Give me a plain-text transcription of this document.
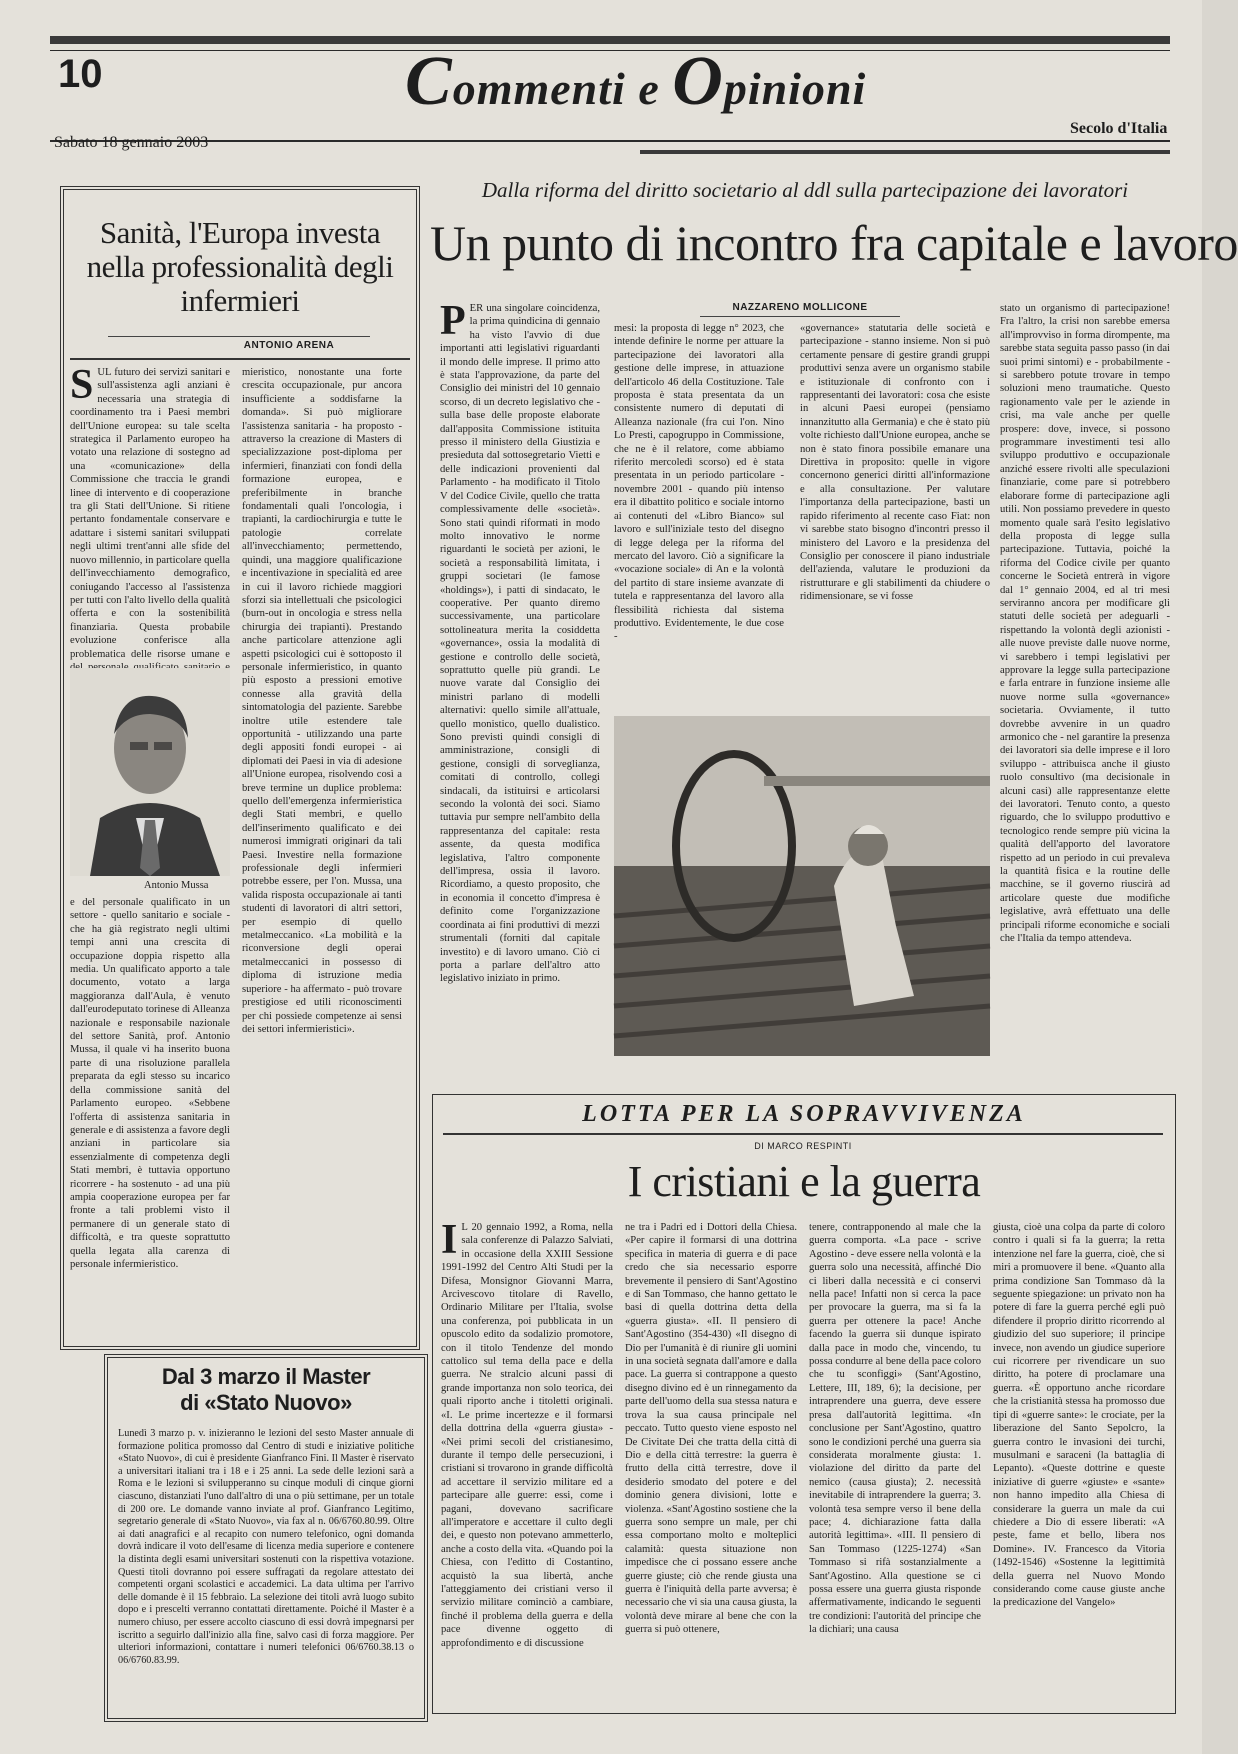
10	Commenti e Opinioni
Sabato 18 gennaio 2003
Secolo d'Italia
Sanità, l'Europa investa nella professionalità degli infermieri
ANTONIO ARENA
SUL futuro dei servizi sanitari e sull'assistenza agli anziani è necessaria una strategia di coordinamento tra i Paesi membri dell'Unione europea: su tale scelta strategica il Parlamento europeo ha votato una relazione di sostegno ad una «comunicazione» della Commissione che traccia le grandi linee di intervento e di cooperazione tra gli Stati dell'Unione. Si ritiene pertanto fondamentale conservare e adattare i sistemi sanitari sviluppati negli ultimi trent'anni alle sfide del nuovo millennio, in particolare quella dell'invecchiamento demografico, coniugando l'accesso al l'assistenza per tutti con l'alto livello della qualità offerta e con la sostenibilità finanziaria. Questa probabile evoluzione conferisce alla problematica delle risorse umane e
Antonio Mussa
e del personale qualificato in un settore - quello sanitario e sociale - che ha già registrato negli ultimi tempi anni una crescita di occupazione doppia rispetto alla media. Un qualificato apporto a tale documento, votato a larga maggioranza dall'Aula, è venuto dall'eurodeputato torinese di Alleanza nazionale e responsabile nazionale del settore Sanità, prof. Antonio Mussa, il quale vi ha inserito buona parte di una risoluzione parallela preparata da egli stesso su incarico della commissione sanità del Parlamento europeo. «Sebbene l'offerta di assistenza sanitaria in generale e di assistenza a favore degli anziani in particolare sia essenzialmente di competenza degli Stati membri, è tuttavia opportuno ricorrere - ha sostenuto - ad una più ampia cooperazione europea per far fronte a tali problemi visto il permanere di un generale stato di difficoltà, e tra queste soprattutto quella legata alla carenza di personale infermieristico.
mieristico, nonostante una forte crescita occupazionale, pur ancora insufficiente a soddisfarne la domanda». Si può migliorare l'assistenza sanitaria - ha proposto - attraverso la creazione di Masters di specializzazione post-diploma per infermieri, finanziati con fondi della formazione europea, e preferibilmente in branche fondamentali quali l'oncologia, i trapianti, la cardiochirurgia e tutte le patologie correlate all'invecchiamento; permettendo, quindi, una maggiore qualificazione e incentivazione in specialità ed aree in cui il lavoro richiede maggiori sforzi sia intellettuali che psicologici (burn-out in oncologia e stress nella chirurgia dei trapianti). Prestando anche particolare attenzione agli aspetti psicologici cui è sottoposto il personale infermieristico, in quanto più esposto a pressioni emotive connesse alla gravità della sintomatologia del paziente. Sarebbe inoltre utile estendere tale opportunità - utilizzando una parte degli appositi fondi europei - ai diplomati dei Paesi in via di adesione all'Unione europea, risolvendo così a breve termine un duplice problema: quello dell'emergenza infermieristica degli Stati membri, e quello dell'inserimento qualificato e dei numerosi immigrati originari da tali Paesi. Investire nella formazione professionale degli infermieri potrebbe essere, per l'on. Mussa, una valida risposta occupazionale ai tanti studenti di lavoratori di altri settori, per esempio di quello metalmeccanico. «La mobilità e la riconversione degli operai metalmeccanici in possesso di diploma di istruzione media superiore - ha affermato - può trovare prestigiose ed utili riconoscimenti per chi possiede competenze ai sensi dei settori infermieristici».
Dal 3 marzo il Master
di «Stato Nuovo»
Lunedì 3 marzo p. v. inizieranno le lezioni del sesto Master annuale di formazione politica promosso dal Centro di studi e iniziative politiche «Stato Nuovo», di cui è presidente Gianfranco Fini. Il Master è riservato a universitari italiani tra i 18 e i 25 anni. La sede delle lezioni sarà a Roma e le lezioni si svilupperanno su cinque moduli di cinque giorni ciascuno, distanziati l'uno dall'altro di una o più settimane, per un totale di 200 ore. Le domande vanno inviate al prof. Gianfranco Legitimo, segretario generale di «Stato Nuovo», via fax al n. 06/6760.80.99. Oltre ai dati anagrafici e al recapito con numero telefonico, ogni domanda dovrà indicare il voto dell'esame di licenza media superiore e contenere la distinta degli esami universitari sostenuti con la rispettiva votazione. Questi titoli dovranno poi essere suffragati da regolare attestato dei competenti organi scolastici e accademici. La data ultima per l'arrivo delle domande è il 15 febbraio. La selezione dei titoli avrà luogo subito dopo e i prescelti verranno contattati direttamente. Poiché il Master è a numero chiuso, per essere accolto ciascuno di essi dovrà impegnarsi per iscritto a seguirlo dall'inizio alla fine, salvo casi di forza maggiore. Per ulteriori informazioni, contattare i numeri telefonici 06/6760.38.13 o 06/6760.83.99.
Dalla riforma del diritto societario al ddl sulla partecipazione dei lavoratori
Un punto di incontro fra capitale e lavoro
NAZZARENO MOLLICONE
PER una singolare coincidenza, la prima quindicina di gennaio ha visto l'avvio di due importanti atti legislativi riguardanti il mondo delle imprese. Il primo atto è stata l'approvazione, da parte del Consiglio dei ministri del 10 gennaio scorso, di un decreto legislativo che - sulla base delle proposte elaborate dall'apposita Commissione istituita presso il ministero della Giustizia e presieduta dal sottosegretario Vietti e delle indicazioni provenienti dal Parlamento - ha modificato il Titolo V del Codice Civile, quello che tratta complessivamente delle «società». Sono stati quindi riformati in modo molto innovativo le norme riguardanti le società per azioni, le società a responsabilità limitata, i gruppi societari (le famose «holdings»), i patti di sindacato, le cooperative. Per quanto diremo successivamente, una particolare sottolineatura merita la cosiddetta «governance», ossia la modalità di gestione e controllo delle società, soprattutto quelle più grandi. Le nuove varate dal Consiglio dei ministri parlano di modelli alternativi: quello simile all'attuale, quello monistico, quello dualistico. Sono previsti quindi consigli di amministrazione, consigli di gestione, consigli di sorveglianza, comitati di controllo, collegi sindacali, da istituirsi e articolarsi secondo la volontà dei soci. Siamo tuttavia pur sempre nell'ambito della rappresentanza del capitale: resta assente, da questa modifica legislativa, l'altro componente dell'impresa, ossia il lavoro. Ricordiamo, a questo proposito, che in economia il concetto d'impresa è definito come l'organizzazione coordinata ai fini produttivi di mezzi strumentali (forniti dal capitale investito) e di lavoro umano. Ciò ci porta a parlare dell'altro atto legislativo iniziato in primo.
mesi: la proposta di legge n° 2023, che intende definire le norme per attuare la partecipazione dei lavoratori alla gestione delle imprese, in attuazione dell'articolo 46 della Costituzione. Tale proposta è stata presentata da un consistente numero di deputati di Alleanza nazionale (fra cui l'on. Nino Lo Presti, capogruppo in Commissione, che ne è il relatore, come abbiamo riferito mercoledì scorso) ed è stata presentata in un periodo particolare - novembre 2001 - quando più intenso era il dibattito politico e sociale intorno ai contenuti del «Libro Bianco» sul lavoro e sull'iniziale testo del disegno di legge delega per la riforma del mercato del lavoro. Ciò a significare la «vocazione sociale» di An e la volontà del partito di stare insieme avanzate di tutela e rappresentanza del lavoro alla flessibilità richiesta dal sistema produttivo. Evidentemente, le due cose -
«governance» statutaria delle società e partecipazione - stanno insieme. Non si può certamente pensare di gestire grandi gruppi produttivi senza avere un organismo stabile e istituzionale di confronto con i rappresentanti dei lavoratori: cosa che esiste in alcuni Paesi europei (pensiamo innanzitutto alla Germania) e che è stato più volte richiesto dall'Unione europea, anche se non è stato finora possibile emanare una Direttiva in proposito: quelle in vigore concernono generici diritti all'informazione e alla consultazione. Per valutare l'importanza della partecipazione, basti un rapido riferimento al recente caso Fiat: non vi sarebbe stato bisogno d'incontri presso il ministero del Lavoro e la presidenza del Consiglio per conoscere il piano industriale dell'azienda, valutare le produzioni da ristrutturare e gli stabilimenti da chiudere o ridimensionare, se vi fosse
stato un organismo di partecipazione! Fra l'altro, la crisi non sarebbe emersa all'improvviso in forma dirompente, ma sarebbe stata seguita passo passo (in dai suoi primi sintomi) e - probabilmente - si sarebbero potute trovare in tempo soluzioni meno traumatiche. Questo ragionamento vale per le aziende in crisi, ma vale anche per quelle prospere: dove, invece, si possono programmare investimenti tesi allo sviluppo produttivo e occupazionale anziché essere rivolti alle speculazioni finanziarie, come pare si potrebbero elaborare forme di partecipazione agli utili. Non possiamo prevedere in questo momento quale sarà l'esito legislativo della proposta di legge sulla partecipazione. Tuttavia, poiché la riforma del Codice civile per quanto concerne le Società entrerà in vigore dal 1° gennaio 2004, ed al tri mesi serviranno ancora per modificare gli statuti delle società per adeguarli - rispettando la volontà degli azionisti - alle nuove previste dalle nuove norme, vi sarebbero i tempi legislativi per approvare la legge sulla partecipazione e farla entrare in funzione insieme alle nuove norme sulla «governance» societaria. Ovviamente, il tutto dovrebbe avvenire in un quadro armonico che - nel garantire la presenza dei lavoratori sia delle imprese e il loro sviluppo - attribuisca anche il giusto ruolo consultivo (ma decisionale in alcuni casi) alle rappresentanze elette dei lavoratori. Tenuto conto, a questo riguardo, che lo sviluppo produttivo e tecnologico rende sempre più vicina la qualità dell'apporto del lavoratore rispetto ad un periodo in cui prevaleva la quantità fisica e la routine delle macchine, se il governo riuscirà ad articolare queste due modifiche legislative, avrà effettuato una delle principali riforme economiche e sociali che l'Italia da tempo attendeva.
LOTTA PER LA SOPRAVVIVENZA
DI MARCO RESPINTI
I cristiani e la guerra
I L 20 gennaio 1992, a Roma, nella sala conferenze di Palazzo Salviati, in occasione della XXIII Sessione 1991-1992 del Centro Alti Studi per la Difesa, Monsignor Giovanni Marra, Arcivescovo titolare di Ravello, Ordinario Militare per l'Italia, svolse una conferenza, poi pubblicata in un opuscolo edito da sodalizio promotore, con il titolo Tendenze del mondo cattolico sul tema della pace e della guerra. Ne stralcio alcuni passi di grande importanza non solo teorica, dei quali riporto anche i titoletti originali. «I. Le prime incertezze e il formarsi della dottrina della «guerra giusta» - «Nei primi secoli del cristianesimo, durante il tempo delle persecuzioni, i cristiani si trovarono in grande difficoltà ad accettare il servizio militare ed a partecipare alle guerre: essi, come i pagani, dovevano sacrificare all'imperatore e accettare il culto degli dei, e questo non potevano ammetterlo, anche a costo della vita. «Quando poi la Chiesa, con l'editto di Costantino, acquistò la sua libertà, anche l'atteggiamento dei cristiani verso il servizio militare cominciò a cambiare, finché il problema della guerra e della pace divenne oggetto di approfondimento e di discussione
ne tra i Padri ed i Dottori della Chiesa. «Per capire il formarsi di una dottrina specifica in materia di guerra e di pace credo che sia necessario esporre brevemente il pensiero di Sant'Agostino e di San Tommaso, che hanno gettato le basi di quella dottrina detta della «guerra giusta». «II. Il pensiero di Sant'Agostino (354-430) «Il disegno di Dio per l'umanità è di riunire gli uomini in una società segnata dall'amore e dalla pace. La guerra si contrappone a questo disegno divino ed è un rinnegamento da parte dell'uomo della sua stessa natura e trova la sua causa principale nel peccato. Tutto questo viene esposto nel De Civitate Dei che tratta della città di Dio e della città terrestre: la guerra è frutto della città terrestre, dove il desiderio smodato del potere e del dominio genera divisioni, lotte e violenza. «Sant'Agostino sostiene che la guerra sono sempre un male, per chi essa comportano molto e molteplici calamità: questa situazione non impedisce che ci possano essere anche guerre giuste; ciò che rende giusta una guerra è l'iniquità della parte avversa; è necessario che vi sia una causa giusta, la volontà deve mirare al bene che con la guerra si può ottenere,
tenere, contrapponendo al male che la guerra comporta. «La pace - scrive Agostino - deve essere nella volontà e la guerra solo una necessità, affinché Dio ci liberi dalla necessità e ci conservi nella pace! Infatti non si cerca la pace per provocare la guerra, ma si fa la guerra per ottenere la pace! Anche facendo la guerra sii dunque ispirato dalla pace in modo che, vincendo, tu possa condurre al bene della pace coloro che tu sconfiggi» (Sant'Agostino, Lettere, III, 189, 6); la decisione, per intraprendere una guerra, deve essere presa dall'autorità legittima. «In conclusione per Sant'Agostino, quattro sono le condizioni perché una guerra sia considerata moralmente giusta: 1. violazione del diritto da parte del nemico (causa giusta); 2. necessità inevitabile di intraprendere la guerra; 3. volontà tesa sempre verso il bene della pace; 4. dichiarazione fatta dalla autorità legittima». «III. Il pensiero di San Tommaso (1225-1274) «San Tommaso si rifà sostanzialmente a Sant'Agostino. Alla questione se ci possa essere una guerra giusta risponde affermativamente, indicando le seguenti tre condizioni: l'autorità del principe che la dichiari; una causa
giusta, cioè una colpa da parte di coloro contro i quali si fa la guerra; la retta intenzione nel fare la guerra, cioè, che si miri a promuovere il bene. «Quanto alla prima condizione San Tommaso dà la seguente spiegazione: un privato non ha potere di fare la guerra perché egli può difendere il proprio diritto ricorrendo al giudizio del suo superiore; il principe invece, non avendo un giudice superiore cui ricorrere per rivendicare un suo diritto, ha potere di proclamare una guerra. «È opportuno anche ricordare che la cristianità stessa ha promosso due tipi di «guerre sante»: le crociate, per la liberazione del Santo Sepolcro, la guerra contro le invasioni dei turchi, musulmani e saraceni (la battaglia di Lepanto). «Queste dottrine e queste iniziative di guerre «giuste» e «sante» non hanno impedito alla Chiesa di considerare la guerra un male da cui chiedere a Dio di essere liberati: «A peste, fame et bello, libera nos Domine». IV. Francesco da Vitoria (1492-1546) «Sostenne la legittimità della guerra nel Nuovo Mondo considerando come cause giuste anche la predicazione del Vangelo»
